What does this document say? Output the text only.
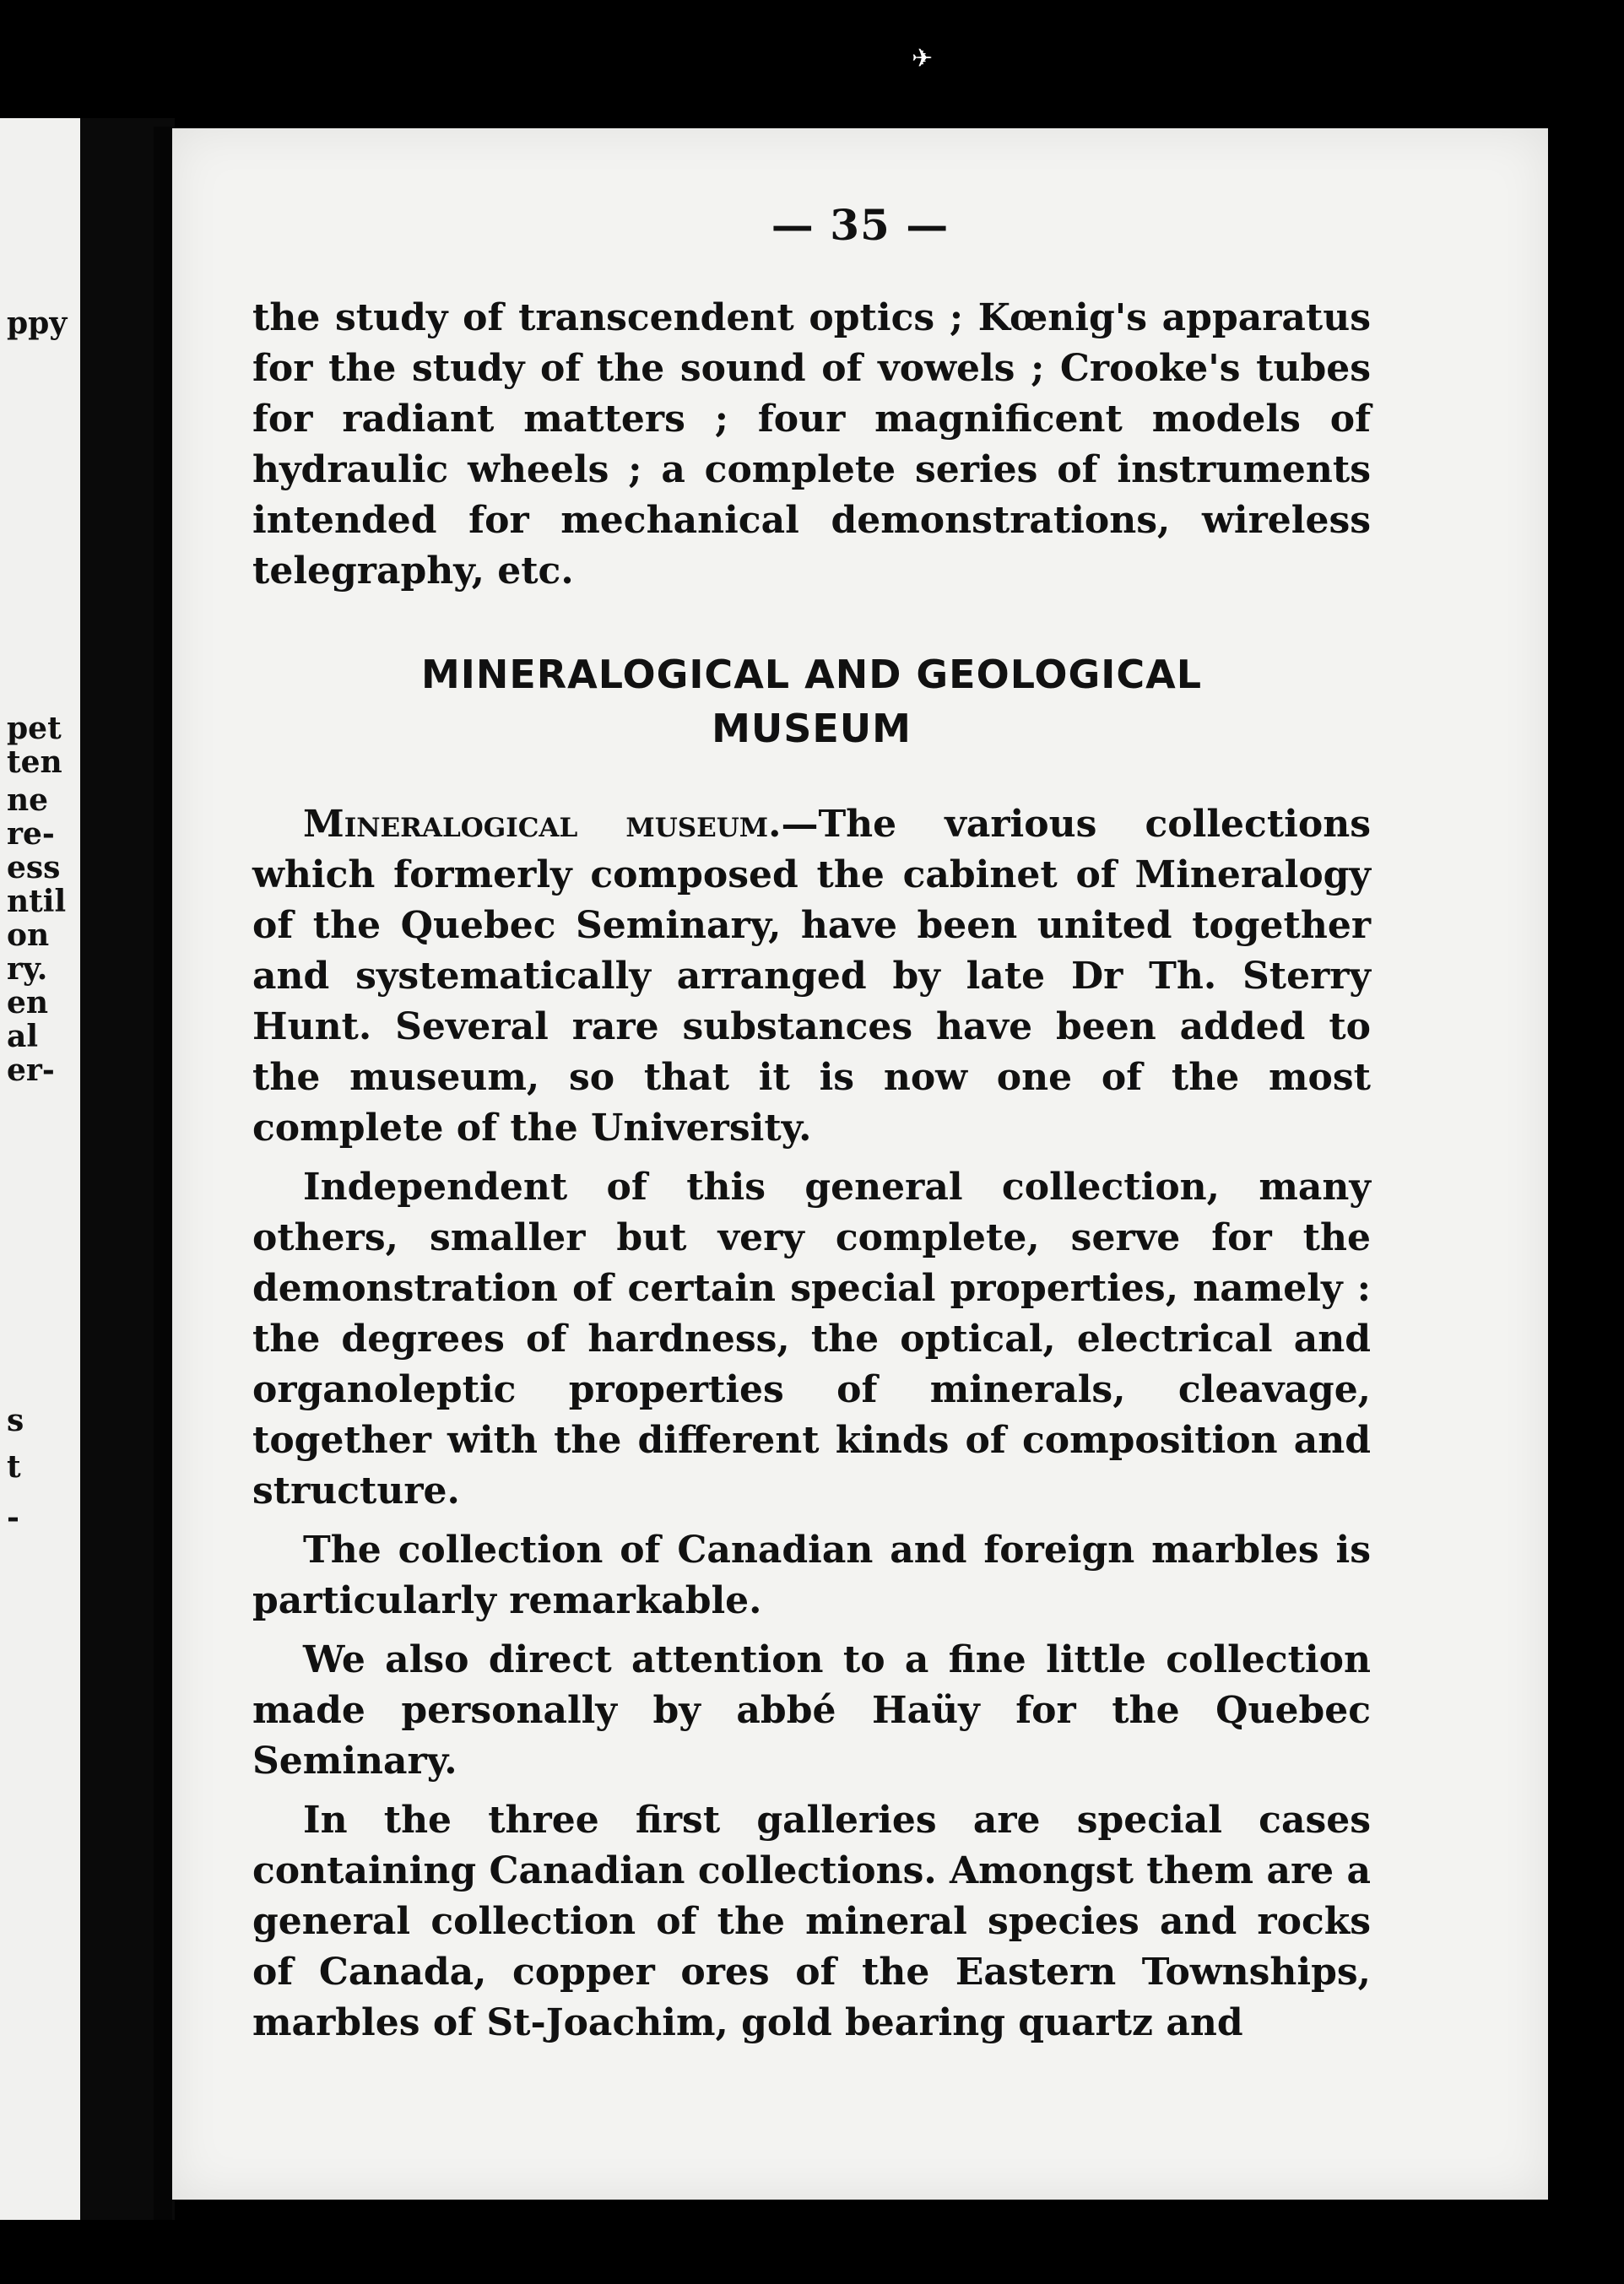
ppy
pet
ten
ne
re-
ess
ntil
on
ry.
en
al
er-
s
t
-
✈
— 35 —

the study of transcendent optics ; Kœnig's apparatus for the study of the sound of vowels ; Crooke's tubes for radiant matters ; four magnificent models of hydraulic wheels ; a complete series of instruments intended for mechanical demonstrations, wireless telegraphy, etc.

MINERALOGICAL AND GEOLOGICAL
MUSEUM

Mineralogical museum.—The various collections which formerly composed the cabinet of Mineralogy of the Quebec Seminary, have been united together and systematically arranged by late Dr Th. Sterry Hunt. Several rare substances have been added to the museum, so that it is now one of the most complete of the University.

Independent of this general collection, many others, smaller but very complete, serve for the demonstration of certain special properties, namely : the degrees of hardness, the optical, electrical and organoleptic properties of minerals, cleavage, together with the different kinds of composition and structure.

The collection of Canadian and foreign marbles is particularly remarkable.

We also direct attention to a fine little collection made personally by abbé Haüy for the Quebec Seminary.

In the three first galleries are special cases containing Canadian collections. Amongst them are a general collection of the mineral species and rocks of Canada, copper ores of the Eastern Townships, marbles of St-Joachim, gold bearing quartz and
